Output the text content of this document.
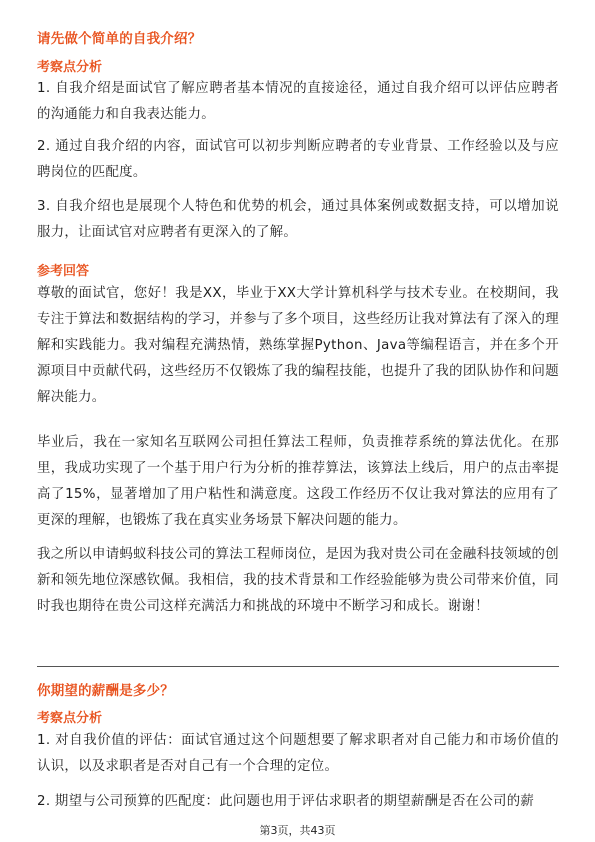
请先做个简单的自我介绍？
考察点分析
1. 自我介绍是面试官了解应聘者基本情况的直接途径，通过自我介绍可以评估应聘者的沟通能力和自我表达能力。
2. 通过自我介绍的内容，面试官可以初步判断应聘者的专业背景、工作经验以及与应聘岗位的匹配度。
3. 自我介绍也是展现个人特色和优势的机会，通过具体案例或数据支持，可以增加说服力，让面试官对应聘者有更深入的了解。
参考回答
尊敬的面试官，您好！我是XX，毕业于XX大学计算机科学与技术专业。在校期间，我专注于算法和数据结构的学习，并参与了多个项目，这些经历让我对算法有了深入的理解和实践能力。我对编程充满热情，熟练掌握Python、Java等编程语言，并在多个开源项目中贡献代码，这些经历不仅锻炼了我的编程技能，也提升了我的团队协作和问题解决能力。
毕业后，我在一家知名互联网公司担任算法工程师，负责推荐系统的算法优化。在那里，我成功实现了一个基于用户行为分析的推荐算法，该算法上线后，用户的点击率提高了15%，显著增加了用户粘性和满意度。这段工作经历不仅让我对算法的应用有了更深的理解，也锻炼了我在真实业务场景下解决问题的能力。
我之所以申请蚂蚁科技公司的算法工程师岗位，是因为我对贵公司在金融科技领域的创新和领先地位深感钦佩。我相信，我的技术背景和工作经验能够为贵公司带来价值，同时我也期待在贵公司这样充满活力和挑战的环境中不断学习和成长。谢谢！
你期望的薪酬是多少？
考察点分析
1. 对自我价值的评估：面试官通过这个问题想要了解求职者对自己能力和市场价值的认识，以及求职者是否对自己有一个合理的定位。
2. 期望与公司预算的匹配度：此问题也用于评估求职者的期望薪酬是否在公司的薪
第3页，共43页
